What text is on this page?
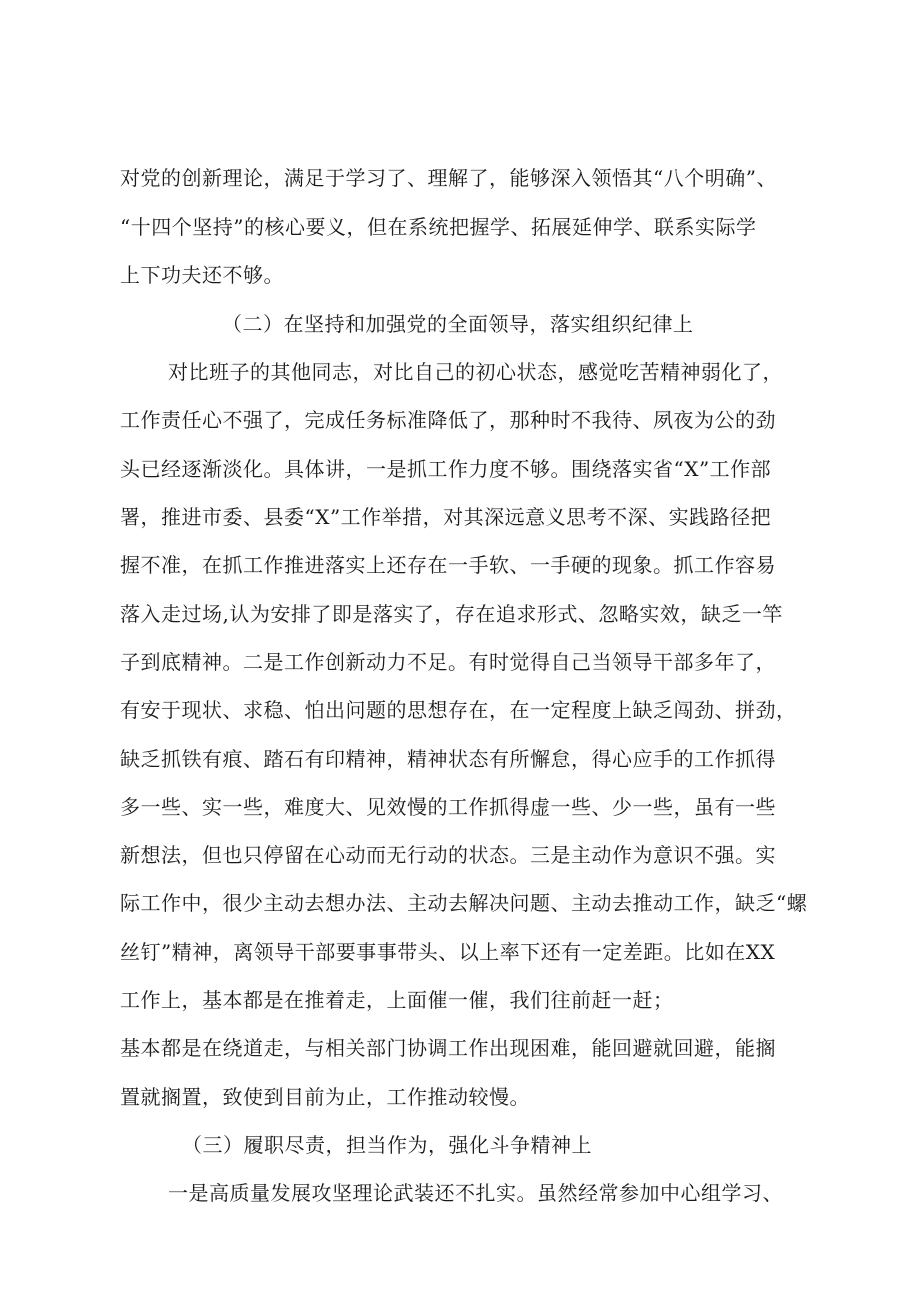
对党的创新理论，满足于学习了、理解了，能够深入领悟其“八个明确”、
“十四个坚持”的核心要义，但在系统把握学、拓展延伸学、联系实际学
上下功夫还不够。
（二）在坚持和加强党的全面领导，落实组织纪律上
对比班子的其他同志，对比自己的初心状态，感觉吃苦精神弱化了，
工作责任心不强了，完成任务标准降低了，那种时不我待、夙夜为公的劲
头已经逐渐淡化。具体讲，一是抓工作力度不够。围绕落实省“X”工作部
署，推进市委、县委“X”工作举措，对其深远意义思考不深、实践路径把
握不准，在抓工作推进落实上还存在一手软、一手硬的现象。抓工作容易
落入走过场,认为安排了即是落实了，存在追求形式、忽略实效，缺乏一竿
子到底精神。二是工作创新动力不足。有时觉得自己当领导干部多年了，
有安于现状、求稳、怕出问题的思想存在，在一定程度上缺乏闯劲、拼劲，
缺乏抓铁有痕、踏石有印精神，精神状态有所懈怠，得心应手的工作抓得
多一些、实一些，难度大、见效慢的工作抓得虚一些、少一些，虽有一些
新想法，但也只停留在心动而无行动的状态。三是主动作为意识不强。实
际工作中，很少主动去想办法、主动去解决问题、主动去推动工作，缺乏“螺
丝钉”精神，离领导干部要事事带头、以上率下还有一定差距。比如在XX
工作上，基本都是在推着走，上面催一催，我们往前赶一赶；
基本都是在绕道走，与相关部门协调工作出现困难，能回避就回避，能搁
置就搁置，致使到目前为止，工作推动较慢。
（三）履职尽责，担当作为，强化斗争精神上
一是高质量发展攻坚理论武装还不扎实。虽然经常参加中心组学习、
